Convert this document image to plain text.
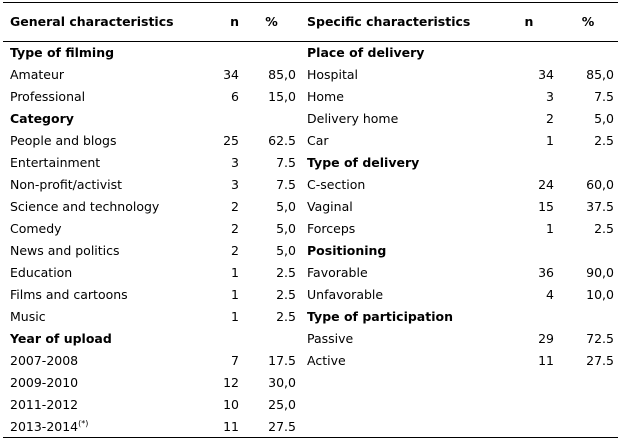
General characteristics	n	%	Specific characteristics	n	%
Type of filming			Place of delivery		
Amateur	34	85,0	Hospital	34	85,0
Professional	6	15,0	Home	3	7.5
Category			Delivery home	2	5,0
People and blogs	25	62.5	Car	1	2.5
Entertainment	3	7.5	Type of delivery		
Non-profit/activist	3	7.5	C-section	24	60,0
Science and technology	2	5,0	Vaginal	15	37.5
Comedy	2	5,0	Forceps	1	2.5
News and politics	2	5,0	Positioning		
Education	1	2.5	Favorable	36	90,0
Films and cartoons	1	2.5	Unfavorable	4	10,0
Music	1	2.5	Type of participation		
Year of upload			Passive	29	72.5
2007-2008	7	17.5	Active	11	27.5
2009-2010	12	30,0			
2011-2012	10	25,0			
2013-2014(*)	11	27.5			
